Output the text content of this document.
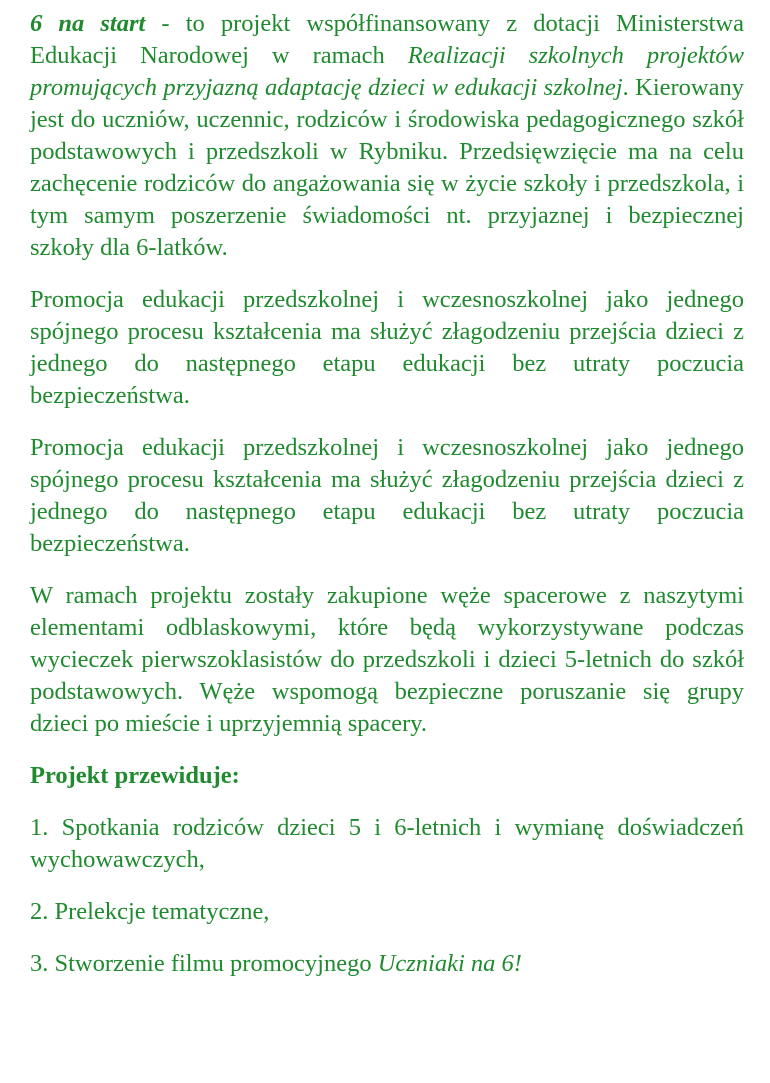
6 na start - to projekt współfinansowany z dotacji Ministerstwa Edukacji Narodowej w ramach Realizacji szkolnych projektów promujących przyjazną adaptację dzieci w edukacji szkolnej. Kierowany jest do uczniów, uczennic, rodziców i środowiska pedagogicznego szkół podstawowych i przedszkoli w Rybniku. Przedsięwzięcie ma na celu zachęcenie rodziców do angażowania się w życie szkoły i przedszkola, i tym samym poszerzenie świadomości nt. przyjaznej i bezpiecznej szkoły dla 6-latków.

Promocja edukacji przedszkolnej i wczesnoszkolnej jako jednego spójnego procesu kształcenia ma służyć złagodzeniu przejścia dzieci z jednego do następnego etapu edukacji bez utraty poczucia bezpieczeństwa.

Promocja edukacji przedszkolnej i wczesnoszkolnej jako jednego spójnego procesu kształcenia ma służyć złagodzeniu przejścia dzieci z jednego do następnego etapu edukacji bez utraty poczucia bezpieczeństwa.

W ramach projektu zostały zakupione węże spacerowe z naszytymi elementami odblaskowymi, które będą wykorzystywane podczas wycieczek pierwszoklasistów do przedszkoli i dzieci 5-letnich do szkół podstawowych. Węże wspomogą bezpieczne poruszanie się grupy dzieci po mieście i uprzyjemnią spacery.

Projekt przewiduje:

1. Spotkania rodziców dzieci 5 i 6-letnich i wymianę doświadczeń wychowawczych,

2. Prelekcje tematyczne,

3. Stworzenie filmu promocyjnego Uczniaki na 6!
